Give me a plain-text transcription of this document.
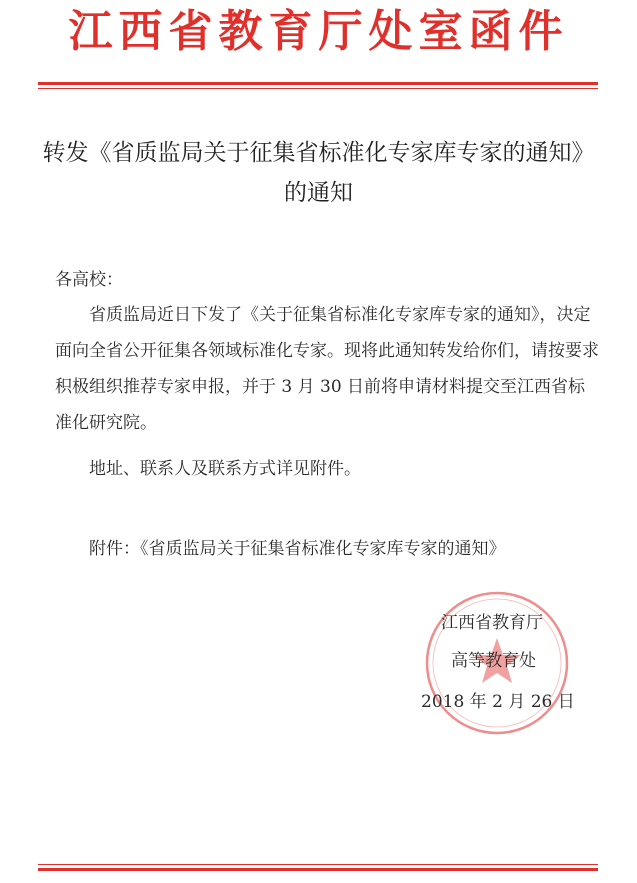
江西省教育厅处室函件
转发《省质监局关于征集省标准化专家库专家的通知》的通知
各高校：
省质监局近日下发了《关于征集省标准化专家库专家的通知》，决定面向全省公开征集各领域标准化专家。现将此通知转发给你们，请按要求积极组织推荐专家申报，并于 3 月 30 日前将申请材料提交至江西省标准化研究院。
地址、联系人及联系方式详见附件。
附件：《省质监局关于征集省标准化专家库专家的通知》
江西省教育厅
高等教育处
2018 年 2 月 26 日
